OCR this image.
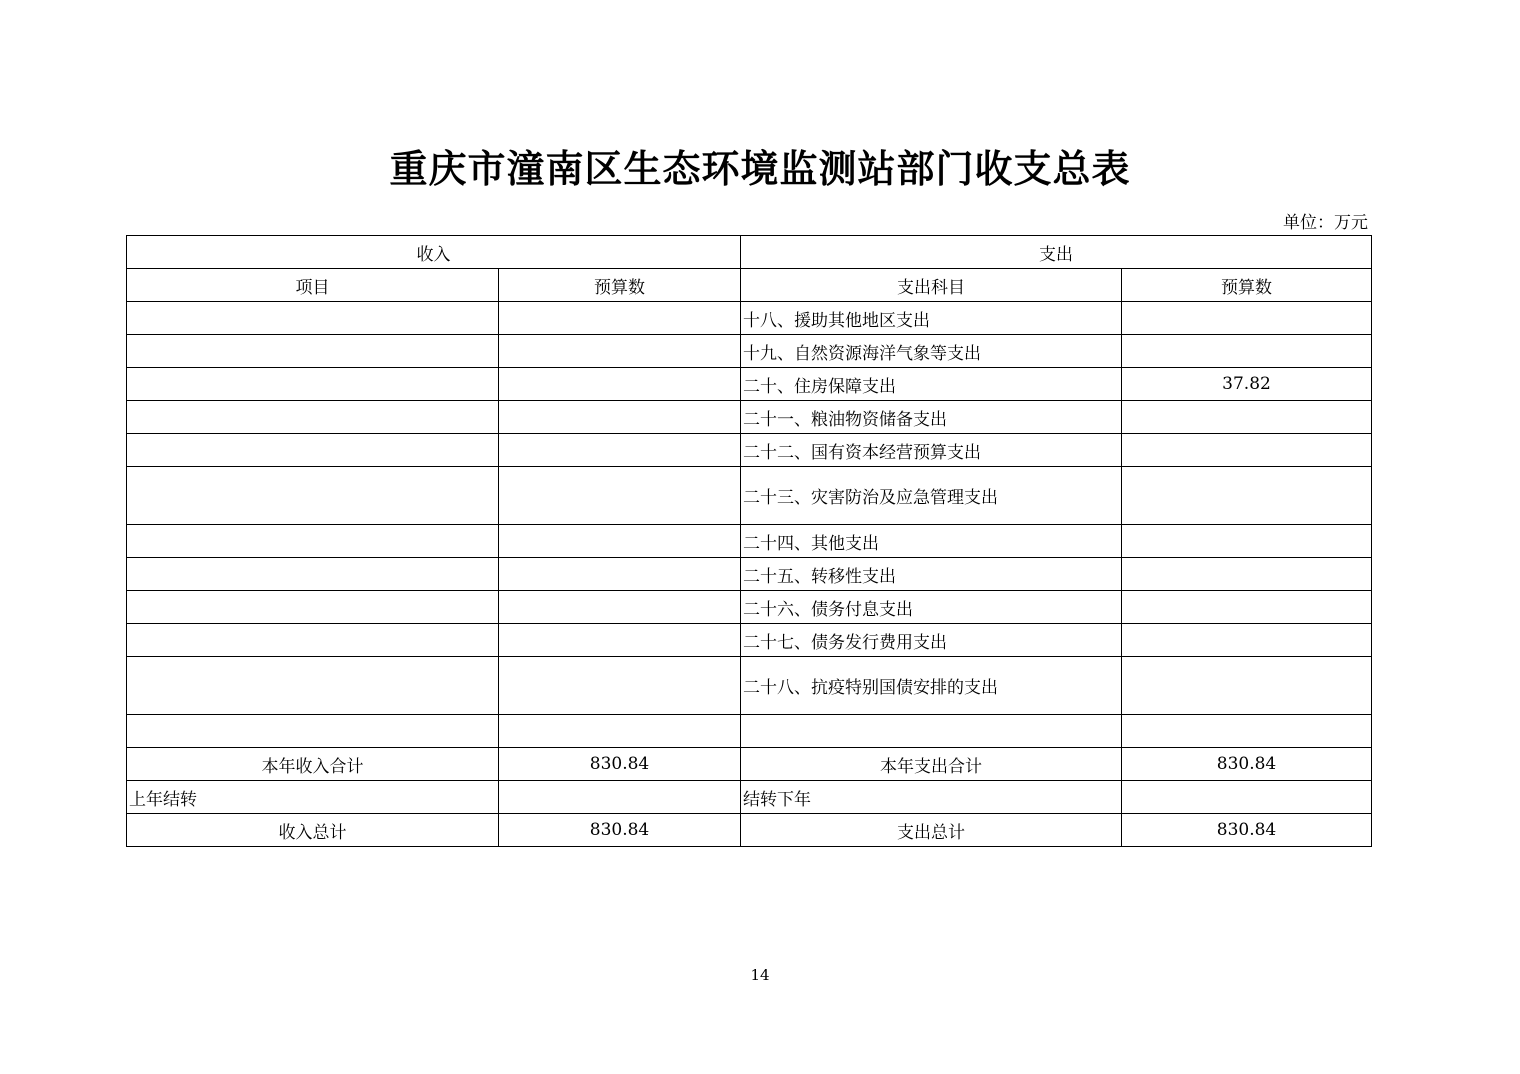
重庆市潼南区生态环境监测站部门收支总表
单位：万元
收入		支出	
项目	预算数	支出科目	预算数
		十八、援助其他地区支出	
		十九、自然资源海洋气象等支出	
		二十、住房保障支出	37.82
		二十一、粮油物资储备支出	
		二十二、国有资本经营预算支出	
		二十三、灾害防治及应急管理支出	
		二十四、其他支出	
		二十五、转移性支出	
		二十六、债务付息支出	
		二十七、债务发行费用支出	
		二十八、抗疫特别国债安排的支出	

本年收入合计	830.84	本年支出合计	830.84
上年结转		结转下年	
收入总计	830.84	支出总计	830.84
14
